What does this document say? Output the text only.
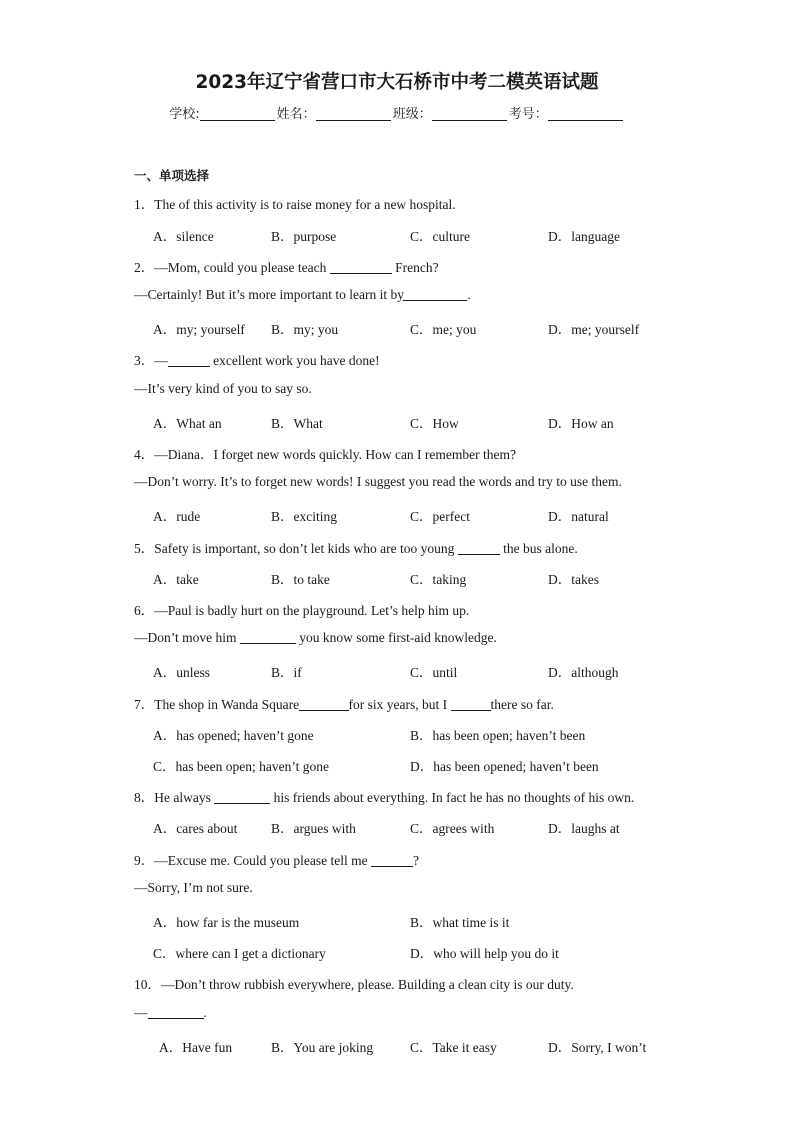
2023年辽宁省营口市大石桥市中考二模英语试题
学校:	姓名：	班级：	考号：
一、单项选择
1．The of this activity is to raise money for a new hospital.
A．silence	B．purpose	C．culture	D．language
2．—Mom, could you please teach	French?
—Certainly! But it’s more important to learn it by	.
A．my; yourself B．my; you	C．me; you	D．me; yourself
3．—	excellent work you have done!
—It’s very kind of you to say so.
A．What an	B．What	C．How	D．How an
4．—Diana．I forget new words quickly. How can I remember them?
—Don’t worry. It’s to forget new words! I suggest you read the words and try to use them.
A．rude	B．exciting	C．perfect	D．natural
5．Safety is important, so don’t let kids who are too young	the bus alone.
A．take	B．to take	C．taking	D．takes
6．—Paul is badly hurt on the playground. Let’s help him up.
—Don’t move him	you know some first-aid knowledge.
A．unless	B．if	C．until	D．although
7．The shop in Wanda Square	for six years, but I	there so far.
A．has opened; haven’t gone	B．has been open; haven’t been
C．has been open; haven’t gone	D．has been opened; haven’t been
8．He always	his friends about everything. In fact he has no thoughts of his own.
A．cares about B．argues with	C．agrees with	D．laughs at
9．—Excuse me. Could you please tell me	?
—Sorry, I’m not sure.
A．how far is the museum	B．what time is it
C．where can I get a dictionary	D．who will help you do it
10．—Don’t throw rubbish everywhere, please. Building a clean city is our duty.
—	.
A．Have fun	B．You are joking	C．Take it easy	D．Sorry, I won’t
